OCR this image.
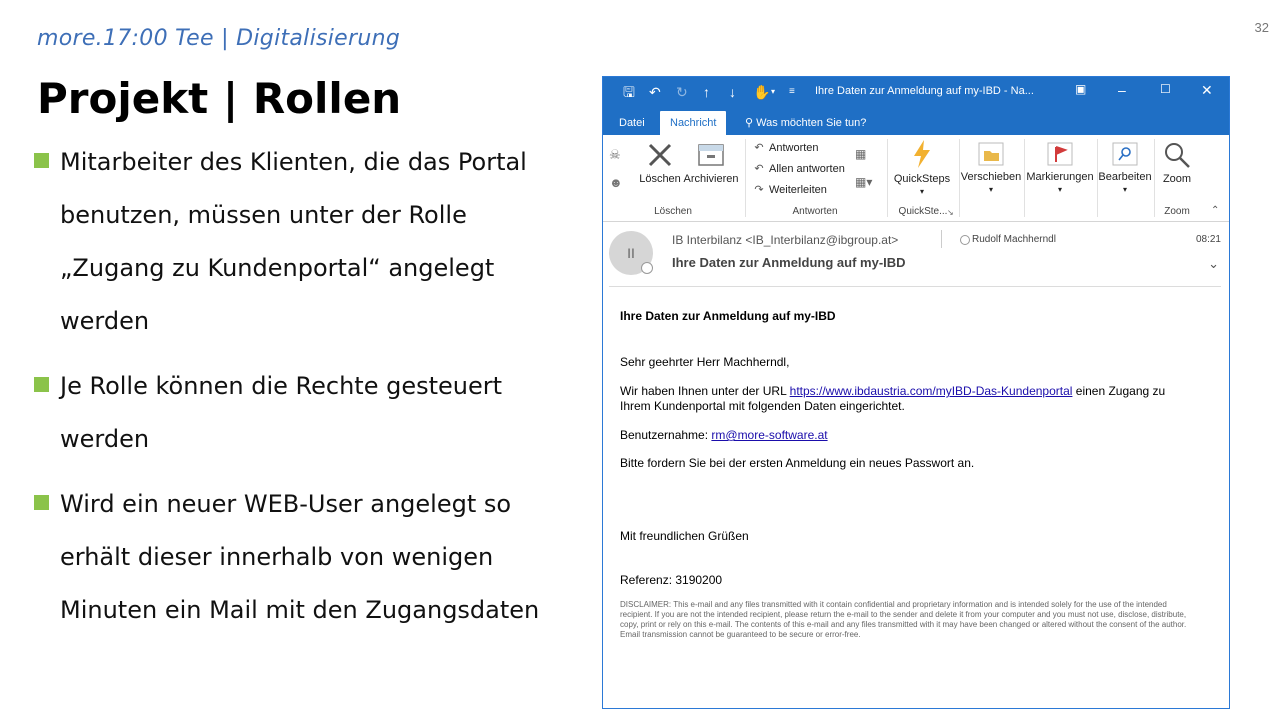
more.17:00 Tee | Digitalisierung	32
Projekt | Rollen
Mitarbeiter des Klienten, die das Portal benutzen, müssen unter der Rolle „Zugang zu Kundenportal“ angelegt werden
Je Rolle können die Rechte gesteuert werden
Wird ein neuer WEB-User angelegt so erhält dieser innerhalb von wenigen Minuten ein Mail mit den Zugangsdaten
🖫 ↶ ↻ ↑ ↓ ✋ ▾ ≡ Ihre Daten zur Anmeldung auf my-IBD - Na...	▣ –	☐ ✕
Datei	Nachricht	⚲ Was möchten Sie tun?
☠
☻ Löschen Archivieren
Löschen
↶ Antworten
↶ Allen antworten
↷ Weiterleiten
▦
▦▾
Antworten
QuickSteps
▾
QuickSte... ↘
Verschieben
▾
Markierungen
▾
Bearbeiten
▾
Zoom
Zoom	⌃
II
IB Interbilanz <IB_Interbilanz@ibgroup.at>	Rudolf Machherndl	08:21
Ihre Daten zur Anmeldung auf my-IBD	⌄

Ihre Daten zur Anmeldung auf my-IBD

Sehr geehrter Herr Machherndl,

Wir haben Ihnen unter der URL https://www.ibdaustria.com/myIBD-Das-Kundenportal einen Zugang zu Ihrem Kundenportal mit folgenden Daten eingerichtet.

Benutzernahme: rm@more-software.at

Bitte fordern Sie bei der ersten Anmeldung ein neues Passwort an.

Mit freundlichen Grüßen

Referenz: 3190200

DISCLAIMER: This e-mail and any files transmitted with it contain confidential and proprietary information and is intended solely for the use of the intended recipient. If you are not the intended recipient, please return the e-mail to the sender and delete it from your computer and you must not use, disclose, distribute, copy, print or rely on this e-mail. The contents of this e-mail and any files transmitted with it may have been changed or altered without the consent of the author. Email transmission cannot be guaranteed to be secure or error-free.
